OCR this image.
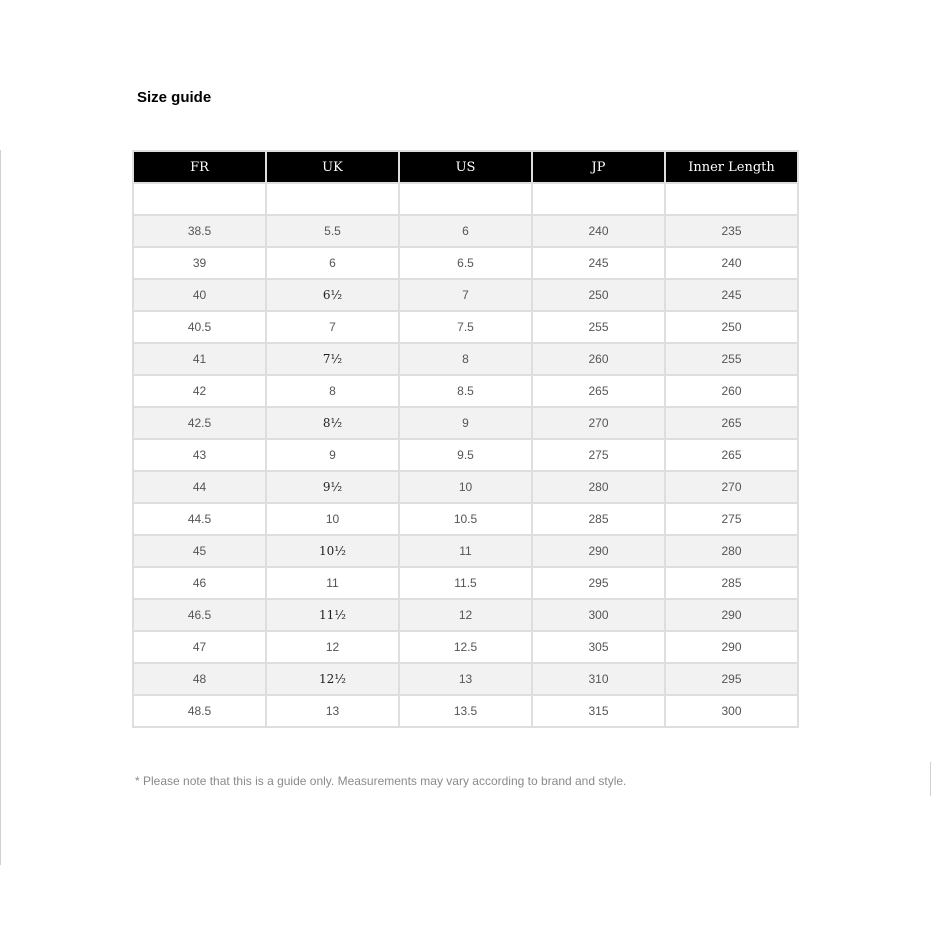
Size guide
FR	UK	US	JP	Inner Length

38.5	5.5	6	240	235
39	6	6.5	245	240
40	6½	7	250	245
40.5	7	7.5	255	250
41	7½	8	260	255
42	8	8.5	265	260
42.5	8½	9	270	265
43	9	9.5	275	265
44	9½	10	280	270
44.5	10	10.5	285	275
45	10½	11	290	280
46	11	11.5	295	285
46.5	11½	12	300	290
47	12	12.5	305	290
48	12½	13	310	295
48.5	13	13.5	315	300
* Please note that this is a guide only. Measurements may vary according to brand and style.
